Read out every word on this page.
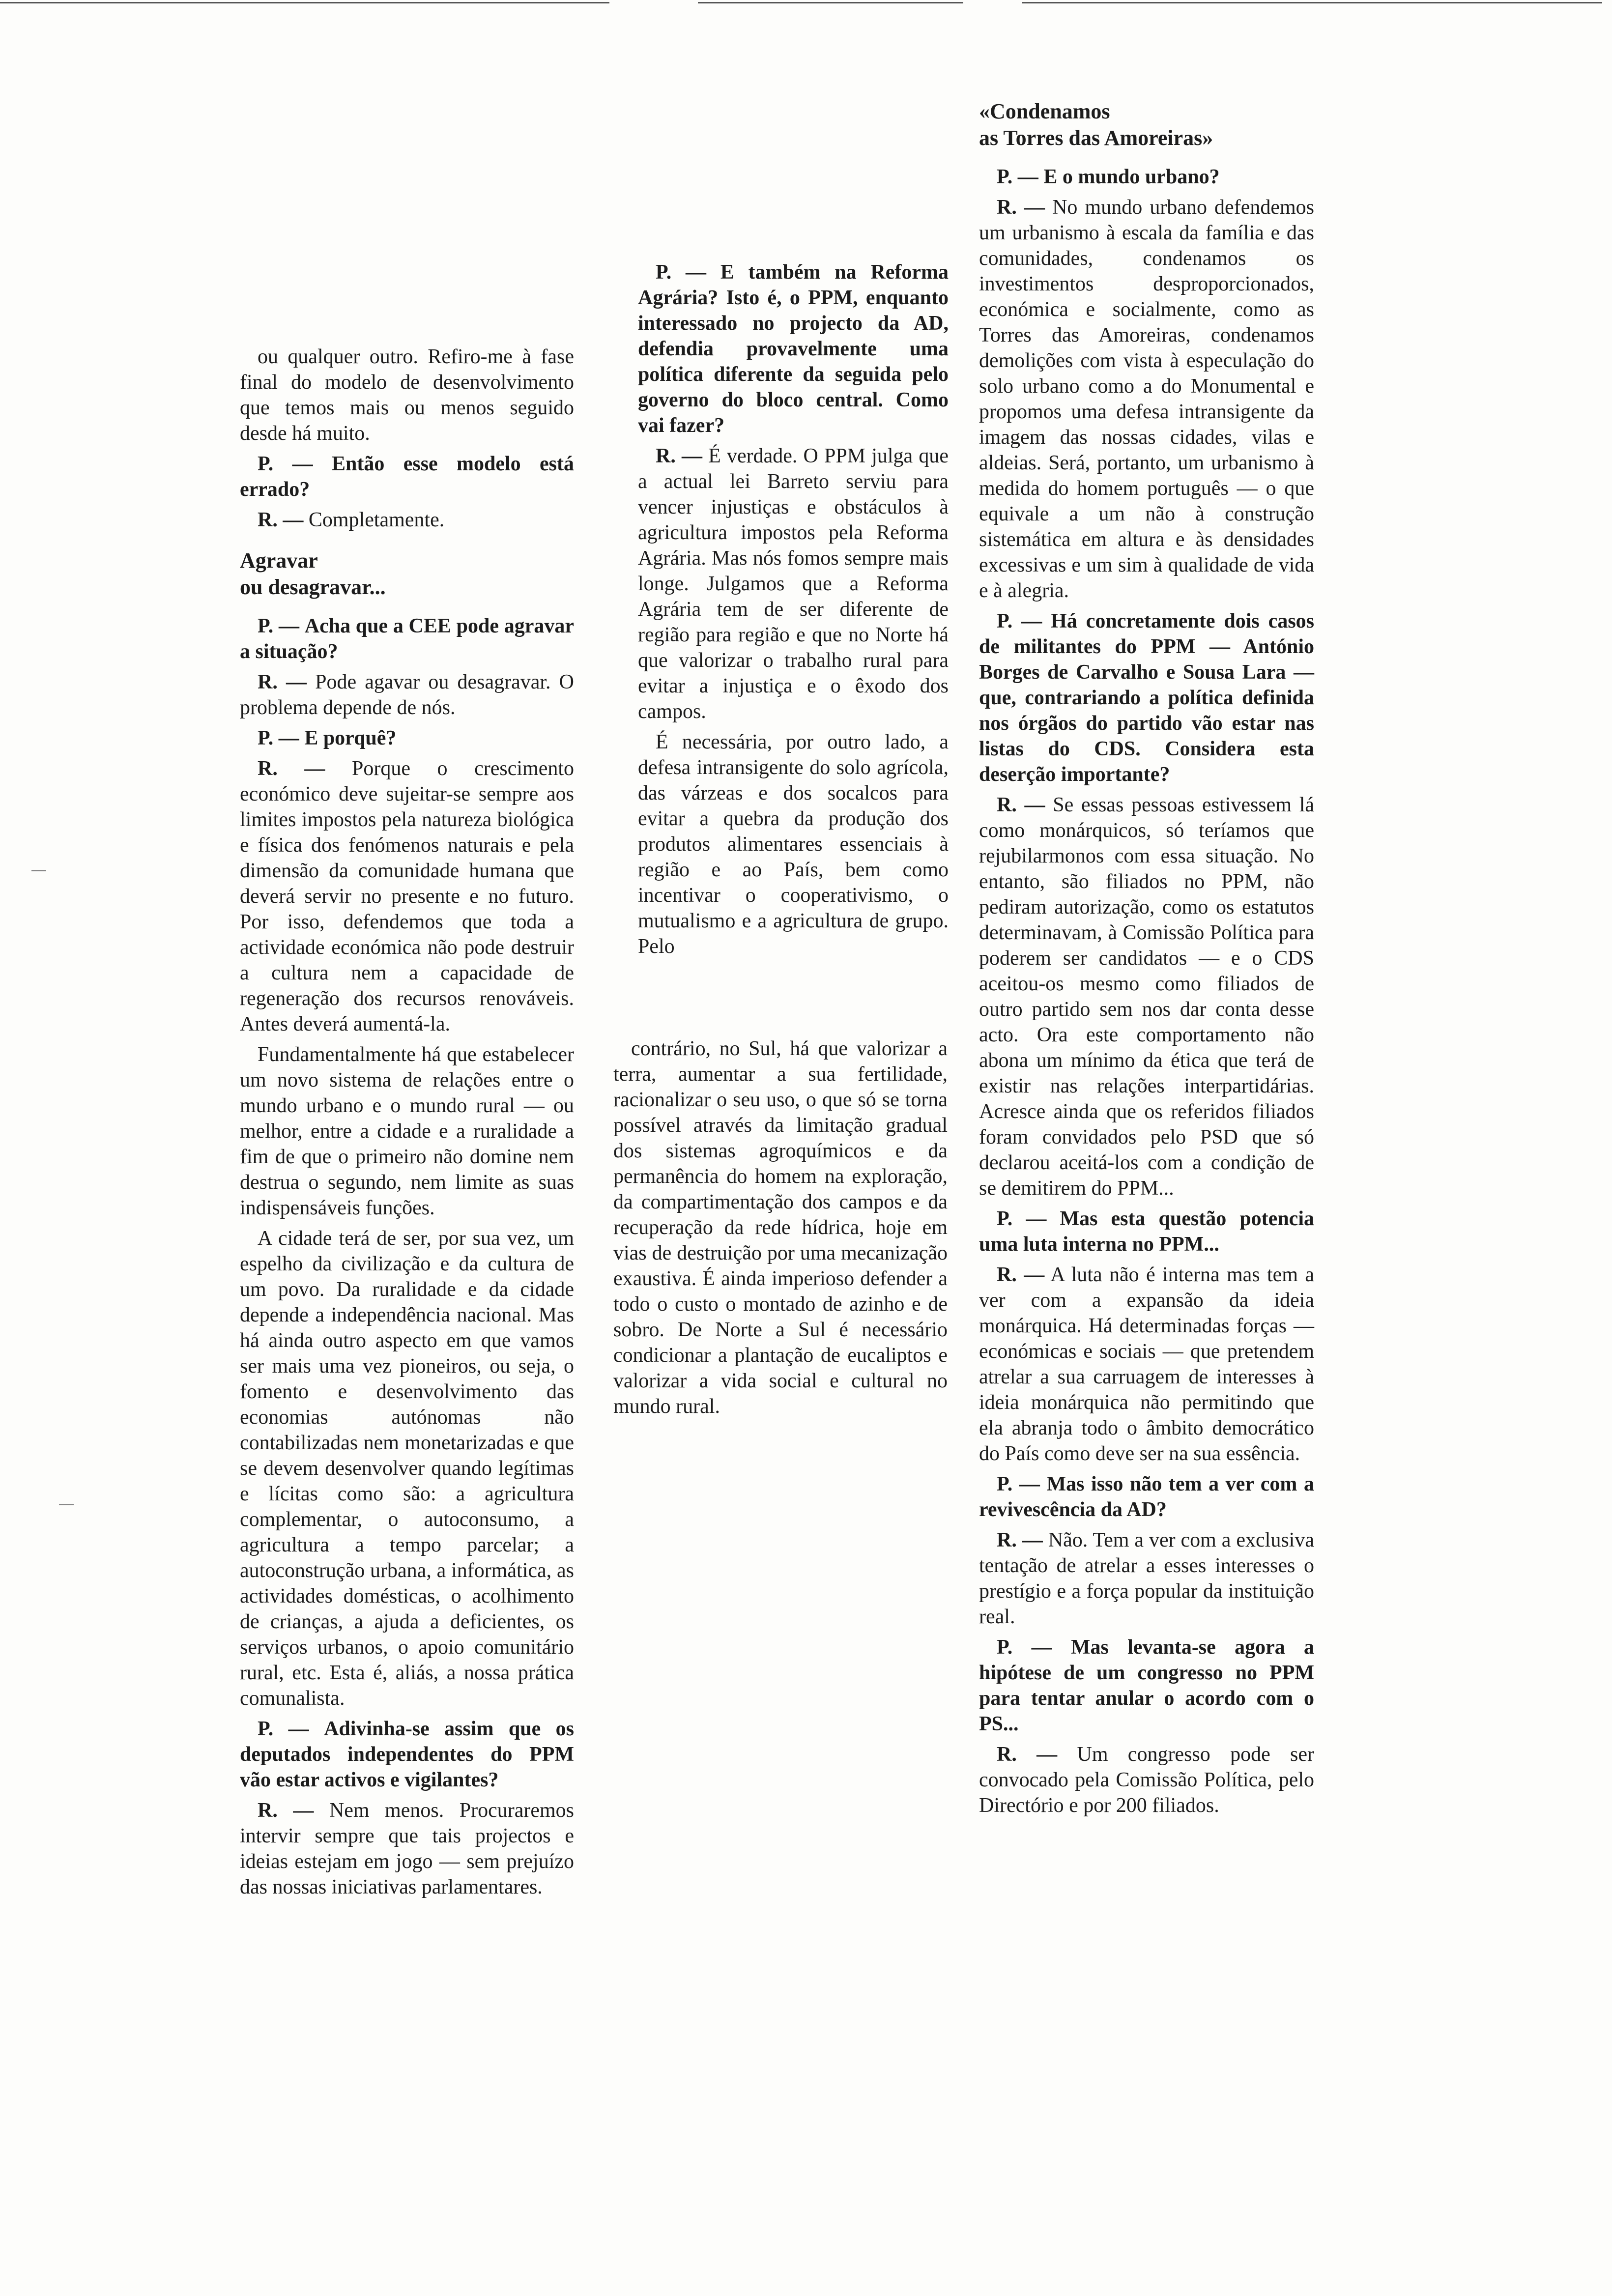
ou qualquer outro. Refiro-me à fase final do modelo de desenvolvimento que temos mais ou menos seguido desde há muito.

P. — Então esse modelo está errado?

R. — Completamente.

Agravar
ou desagravar...

P. — Acha que a CEE pode agravar a situação?

R. — Pode agavar ou desagravar. O problema depende de nós.

P. — E porquê?

R. — Porque o crescimento económico deve sujeitar-se sempre aos limites impostos pela natureza biológica e física dos fenómenos naturais e pela dimensão da comunidade humana que deverá servir no presente e no futuro. Por isso, defendemos que toda a actividade económica não pode destruir a cultura nem a capacidade de regeneração dos recursos renováveis. Antes deverá aumentá-la.

Fundamentalmente há que estabelecer um novo sistema de relações entre o mundo urbano e o mundo rural — ou melhor, entre a cidade e a ruralidade a fim de que o primeiro não domine nem destrua o segundo, nem limite as suas indispensáveis funções.

A cidade terá de ser, por sua vez, um espelho da civilização e da cultura de um povo. Da ruralidade e da cidade depende a independência nacional. Mas há ainda outro aspecto em que vamos ser mais uma vez pioneiros, ou seja, o fomento e desenvolvimento das economias autónomas não contabilizadas nem monetarizadas e que se devem desenvolver quando legítimas e lícitas como são: a agricultura complementar, o autoconsumo, a agricultura a tempo parcelar; a autoconstrução urbana, a informática, as actividades domésticas, o acolhimento de crianças, a ajuda a deficientes, os serviços urbanos, o apoio comunitário rural, etc. Esta é, aliás, a nossa prática comunalista.

P. — Adivinha-se assim que os deputados independentes do PPM vão estar activos e vigilantes?

R. — Nem menos. Procuraremos intervir sempre que tais projectos e ideias estejam em jogo — sem prejuízo das nossas iniciativas parlamentares.

P. — E também na Reforma Agrária? Isto é, o PPM, enquanto interessado no projecto da AD, defendia provavelmente uma política diferente da seguida pelo governo do bloco central. Como vai fazer?

R. — É verdade. O PPM julga que a actual lei Barreto serviu para vencer injustiças e obstáculos à agricultura impostos pela Reforma Agrária. Mas nós fomos sempre mais longe. Julgamos que a Reforma Agrária tem de ser diferente de região para região e que no Norte há que valorizar o trabalho rural para evitar a injustiça e o êxodo dos campos.

É necessária, por outro lado, a defesa intransigente do solo agrícola, das várzeas e dos socalcos para evitar a quebra da produção dos produtos alimentares essenciais à região e ao País, bem como incentivar o cooperativismo, o mutualismo e a agricultura de grupo. Pelo

contrário, no Sul, há que valorizar a terra, aumentar a sua fertilidade, racionalizar o seu uso, o que só se torna possível através da limitação gradual dos sistemas agroquímicos e da permanência do homem na exploração, da compartimentação dos campos e da recuperação da rede hídrica, hoje em vias de destruição por uma mecanização exaustiva. É ainda imperioso defender a todo o custo o montado de azinho e de sobro. De Norte a Sul é necessário condicionar a plantação de eucaliptos e valorizar a vida social e cultural no mundo rural.

«Condenamos
as Torres das Amoreiras»

P. — E o mundo urbano?

R. — No mundo urbano defendemos um urbanismo à escala da família e das comunidades, condenamos os investimentos desproporcionados, económica e socialmente, como as Torres das Amoreiras, condenamos demolições com vista à especulação do solo urbano como a do Monumental e propomos uma defesa intransigente da imagem das nossas cidades, vilas e aldeias. Será, portanto, um urbanismo à medida do homem português — o que equivale a um não à construção sistemática em altura e às densidades excessivas e um sim à qualidade de vida e à alegria.

P. — Há concretamente dois casos de militantes do PPM — António Borges de Carvalho e Sousa Lara — que, contrariando a política definida nos órgãos do partido vão estar nas listas do CDS. Considera esta deserção importante?

R. — Se essas pessoas estivessem lá como monárquicos, só teríamos que rejubilarmonos com essa situação. No entanto, são filiados no PPM, não pediram autorização, como os estatutos determinavam, à Comissão Política para poderem ser candidatos — e o CDS aceitou-os mesmo como filiados de outro partido sem nos dar conta desse acto. Ora este comportamento não abona um mínimo da ética que terá de existir nas relações interpartidárias. Acresce ainda que os referidos filiados foram convidados pelo PSD que só declarou aceitá-los com a condição de se demitirem do PPM...

P. — Mas esta questão potencia uma luta interna no PPM...

R. — A luta não é interna mas tem a ver com a expansão da ideia monárquica. Há determinadas forças — económicas e sociais — que pretendem atrelar a sua carruagem de interesses à ideia monárquica não permitindo que ela abranja todo o âmbito democrático do País como deve ser na sua essência.

P. — Mas isso não tem a ver com a revivescência da AD?

R. — Não. Tem a ver com a exclusiva tentação de atrelar a esses interesses o prestígio e a força popular da instituição real.

P. — Mas levanta-se agora a hipótese de um congresso no PPM para tentar anular o acordo com o PS...

R. — Um congresso pode ser convocado pela Comissão Política, pelo Directório e por 200 filiados.
